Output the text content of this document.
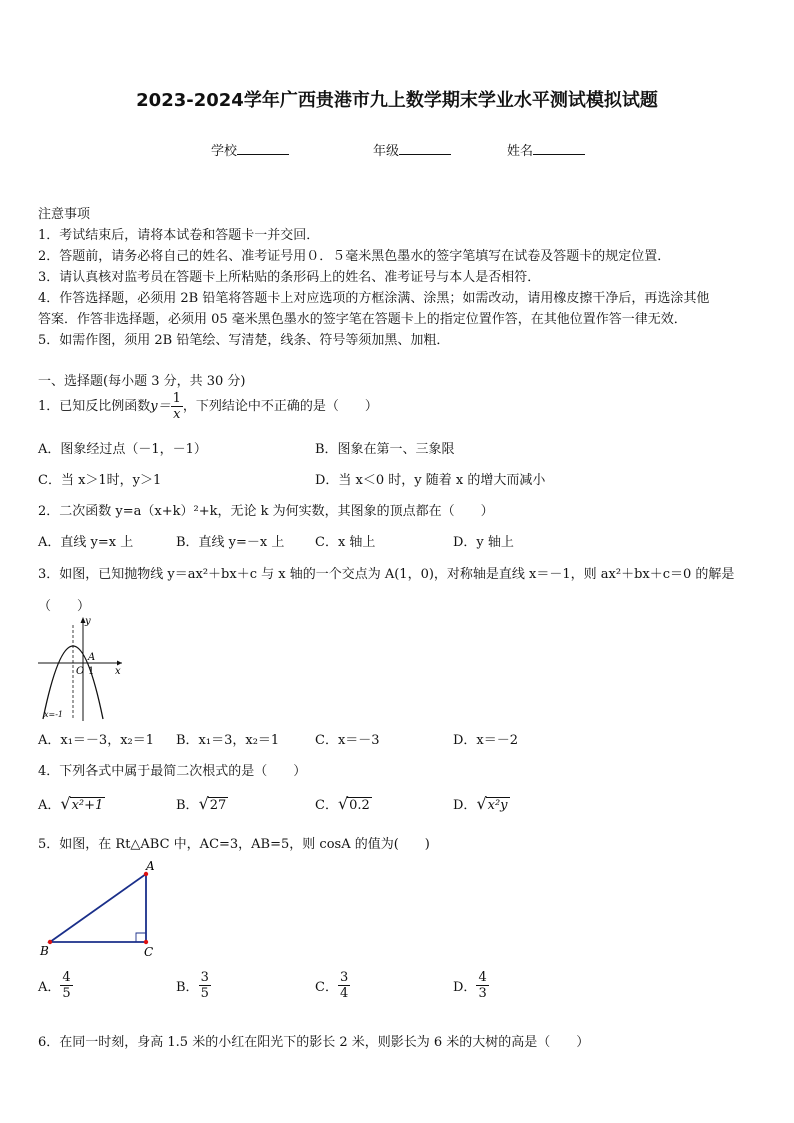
2023-2024学年广西贵港市九上数学期末学业水平测试模拟试题
学校	年级	姓名
注意事项
1．考试结束后，请将本试卷和答题卡一并交回．
2．答题前，请务必将自己的姓名、准考证号用０．５毫米黑色墨水的签字笔填写在试卷及答题卡的规定位置．
3．请认真核对监考员在答题卡上所粘贴的条形码上的姓名、准考证号与本人是否相符．
4．作答选择题，必须用 2B 铅笔将答题卡上对应选项的方框涂满、涂黑；如需改动，请用橡皮擦干净后，再选涂其他
答案．作答非选择题，必须用 05 毫米黑色墨水的签字笔在答题卡上的指定位置作答，在其他位置作答一律无效．
5．如需作图，须用 2B 铅笔绘、写清楚，线条、符号等须加黑、加粗．
一、选择题(每小题 3 分，共 30 分)
1．已知反比例函数$y= \frac{1}{x}$ ，下列结论中不正确的是（　　）
A．图象经过点（－1，－1）	B．图象在第一、三象限
C．当 x＞1时，y＞1	D．当 x＜0 时，y 随着 x 的增大而减小
2．二次函数 y=a（x+k）²+k，无论 k 为何实数，其图象的顶点都在（　　）
A．直线 y=x 上	B．直线 y=－x 上 C．x 轴上	D．y 轴上
3．如图，已知抛物线 y＝ax²＋bx＋c 与 x 轴的一个交点为 A(1，0)，对称轴是直线 x＝－1，则 ax²＋bx＋c＝0 的解是
（　　）
y
x
A
O 1
x=-1
A．x₁＝－3，x₂＝1 B．x₁＝3，x₂＝1	C．x＝－3	D．x＝－2
4．下列各式中属于最简二次根式的是（　　）
A．√x²+1	B．√27	C．√0.2	D．√x²y
5．如图，在 Rt△ABC 中，AC=3，AB=5，则 cosA 的值为(　　)
A
B	C
A． $\frac{4}{5}$	B． $\frac{3}{5}$	C． $\frac{3}{4}$	D． $\frac{4}{3}$
6．在同一时刻，身高 1.5 米的小红在阳光下的影长 2 米，则影长为 6 米的大树的高是（　　）
